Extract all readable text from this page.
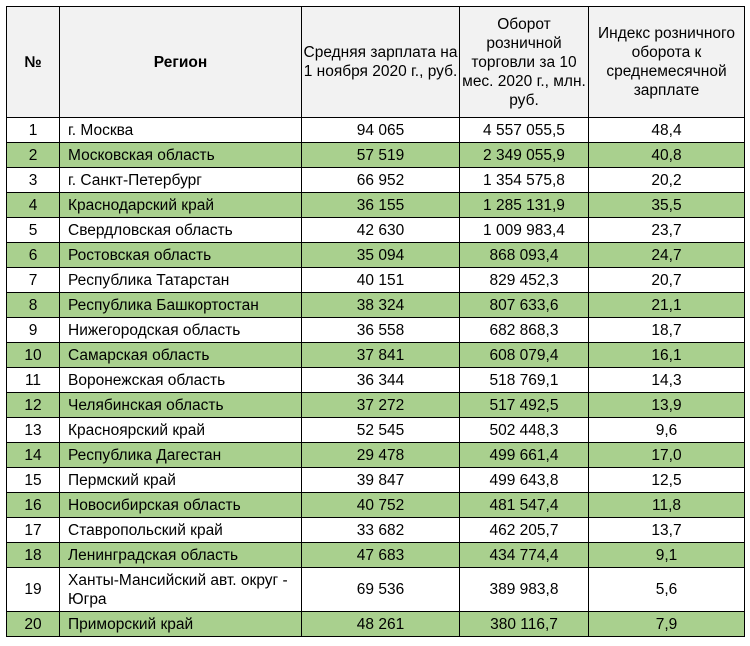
№	Регион	Средняя зарплата на 1 ноября 2020 г., руб.	Оборот розничной торговли за 10 мес. 2020 г., млн. руб.	Индекс розничного оборота к среднемесячной зарплате
1	г. Москва	94 065	4 557 055,5	48,4
2	Московская область	57 519	2 349 055,9	40,8
3	г. Санкт-Петербург	66 952	1 354 575,8	20,2
4	Краснодарский край	36 155	1 285 131,9	35,5
5	Свердловская область	42 630	1 009 983,4	23,7
6	Ростовская область	35 094	868 093,4	24,7
7	Республика Татарстан	40 151	829 452,3	20,7
8	Республика Башкортостан	38 324	807 633,6	21,1
9	Нижегородская область	36 558	682 868,3	18,7
10	Самарская область	37 841	608 079,4	16,1
11	Воронежская область	36 344	518 769,1	14,3
12	Челябинская область	37 272	517 492,5	13,9
13	Красноярский край	52 545	502 448,3	9,6
14	Республика Дагестан	29 478	499 661,4	17,0
15	Пермский край	39 847	499 643,8	12,5
16	Новосибирская область	40 752	481 547,4	11,8
17	Ставропольский край	33 682	462 205,7	13,7
18	Ленинградская область	47 683	434 774,4	9,1
19	Ханты-Мансийский авт. округ - Югра	69 536	389 983,8	5,6
20	Приморский край	48 261	380 116,7	7,9
